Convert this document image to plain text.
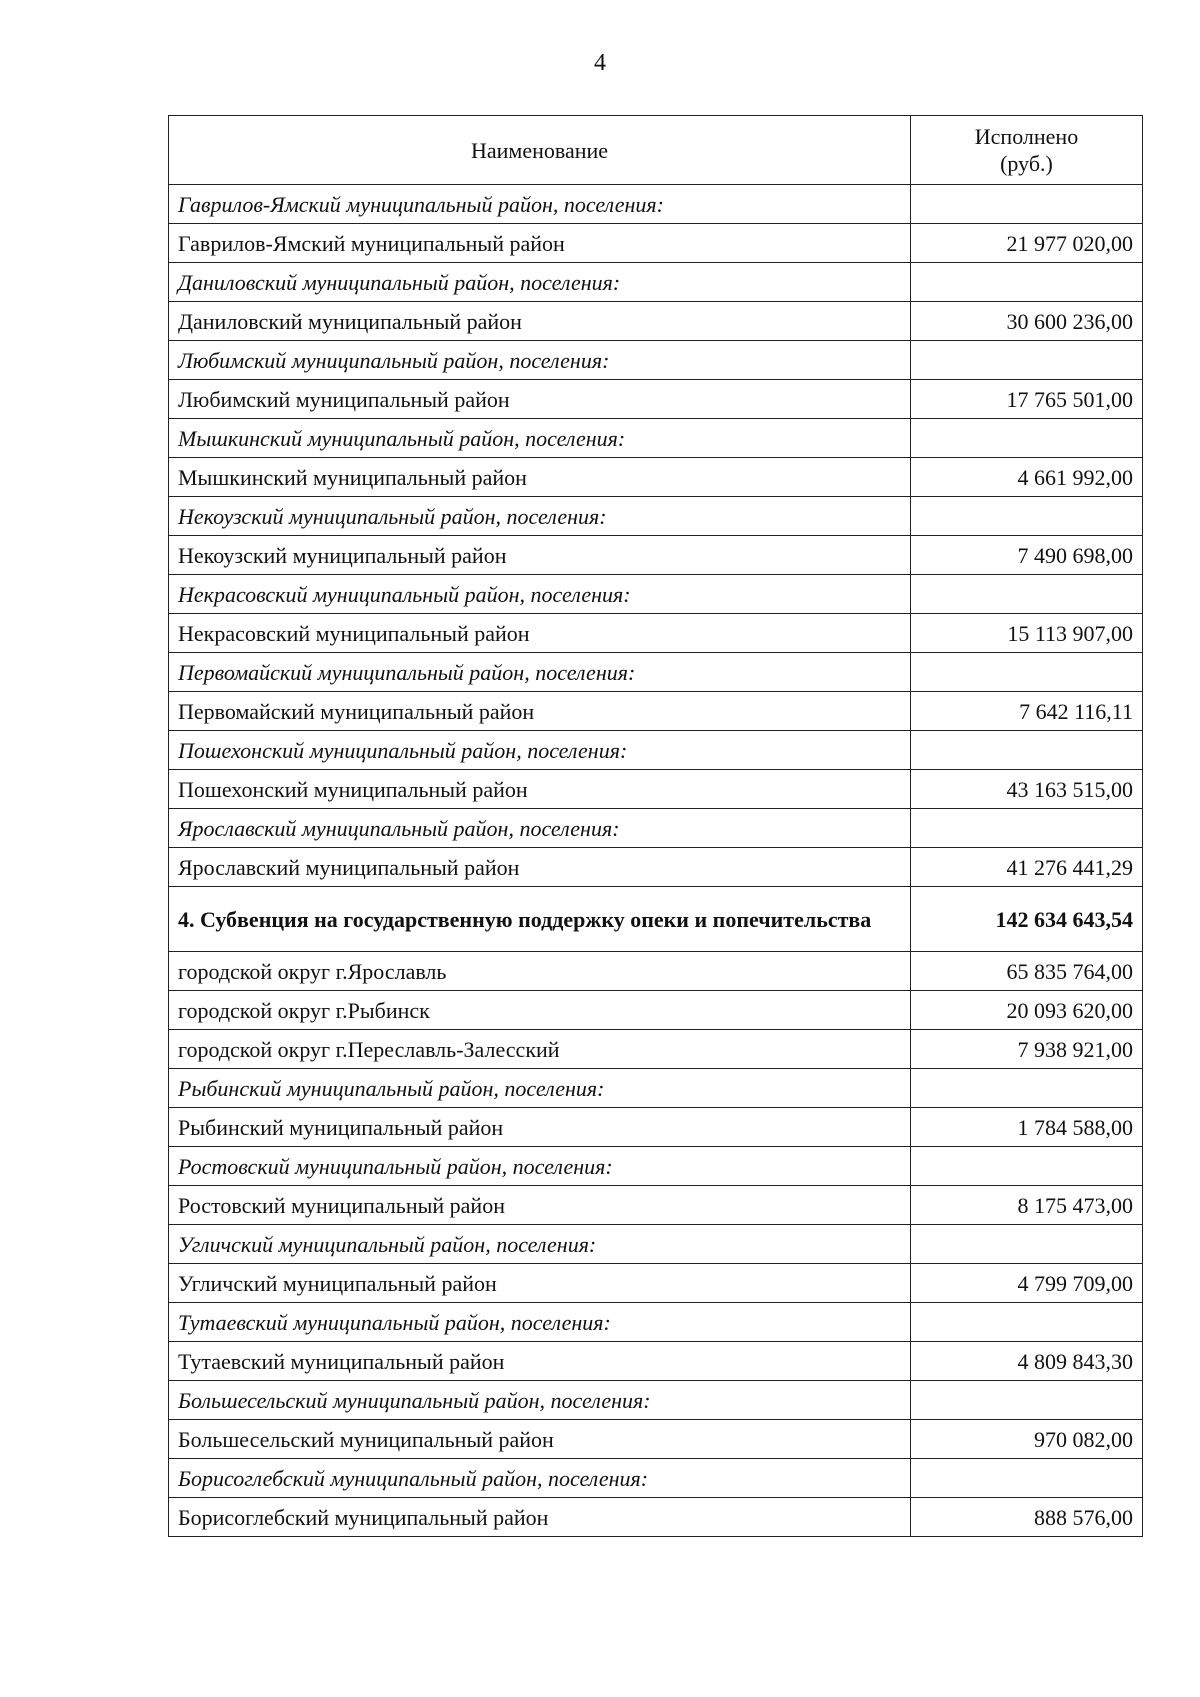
4
Наименование	Исполнено
(руб.)

Гаврилов-Ямский муниципальный район, поселения:	
Гаврилов-Ямский муниципальный район	21 977 020,00
Даниловский муниципальный район, поселения:	
Даниловский муниципальный район	30 600 236,00
Любимский муниципальный район, поселения:	
Любимский муниципальный район	17 765 501,00
Мышкинский муниципальный район, поселения:	
Мышкинский муниципальный район	4 661 992,00
Некоузский муниципальный район, поселения:	
Некоузский муниципальный район	7 490 698,00
Некрасовский муниципальный район, поселения:	
Некрасовский муниципальный район	15 113 907,00
Первомайский муниципальный район, поселения:	
Первомайский муниципальный район	7 642 116,11
Пошехонский муниципальный район, поселения:	
Пошехонский муниципальный район	43 163 515,00
Ярославский муниципальный район, поселения:	
Ярославский муниципальный район	41 276 441,29
4. Субвенция на государственную поддержку опеки и попечительства	142 634 643,54
городской округ г.Ярославль	65 835 764,00
городской округ г.Рыбинск	20 093 620,00
городской округ г.Переславль-Залесский	7 938 921,00
Рыбинский муниципальный район, поселения:	
Рыбинский муниципальный район	1 784 588,00
Ростовский муниципальный район, поселения:	
Ростовский муниципальный район	8 175 473,00
Угличский муниципальный район, поселения:	
Угличский муниципальный район	4 799 709,00
Тутаевский муниципальный район, поселения:	
Тутаевский муниципальный район	4 809 843,30
Большесельский муниципальный район, поселения:	
Большесельский муниципальный район	970 082,00
Борисоглебский муниципальный район, поселения:	
Борисоглебский муниципальный район	888 576,00
